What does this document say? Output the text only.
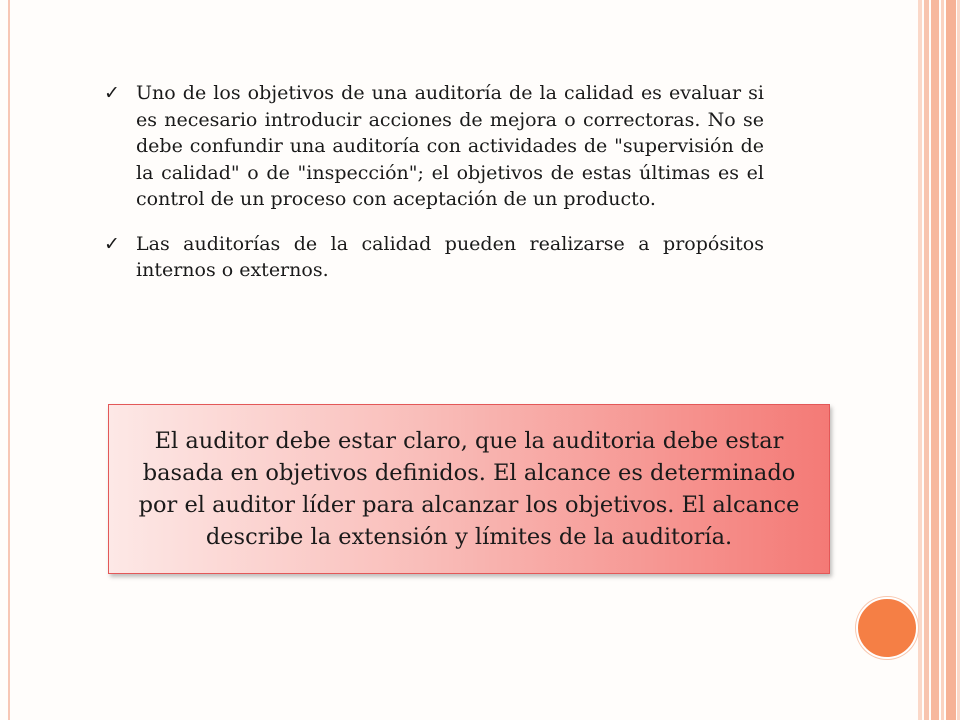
✓ Uno de los objetivos de una auditoría de la calidad es evaluar si es necesario introducir acciones de mejora o correctoras. No se debe confundir una auditoría con actividades de "supervisión de la calidad" o de "inspección"; el objetivos de estas últimas es el control de un proceso con aceptación de un producto.
✓ Las auditorías de la calidad pueden realizarse a propósitos internos o externos.

El auditor debe estar claro, que la auditoria debe estar basada en objetivos definidos. El alcance es determinado por el auditor líder para alcanzar los objetivos. El alcance describe la extensión y límites de la auditoría.
